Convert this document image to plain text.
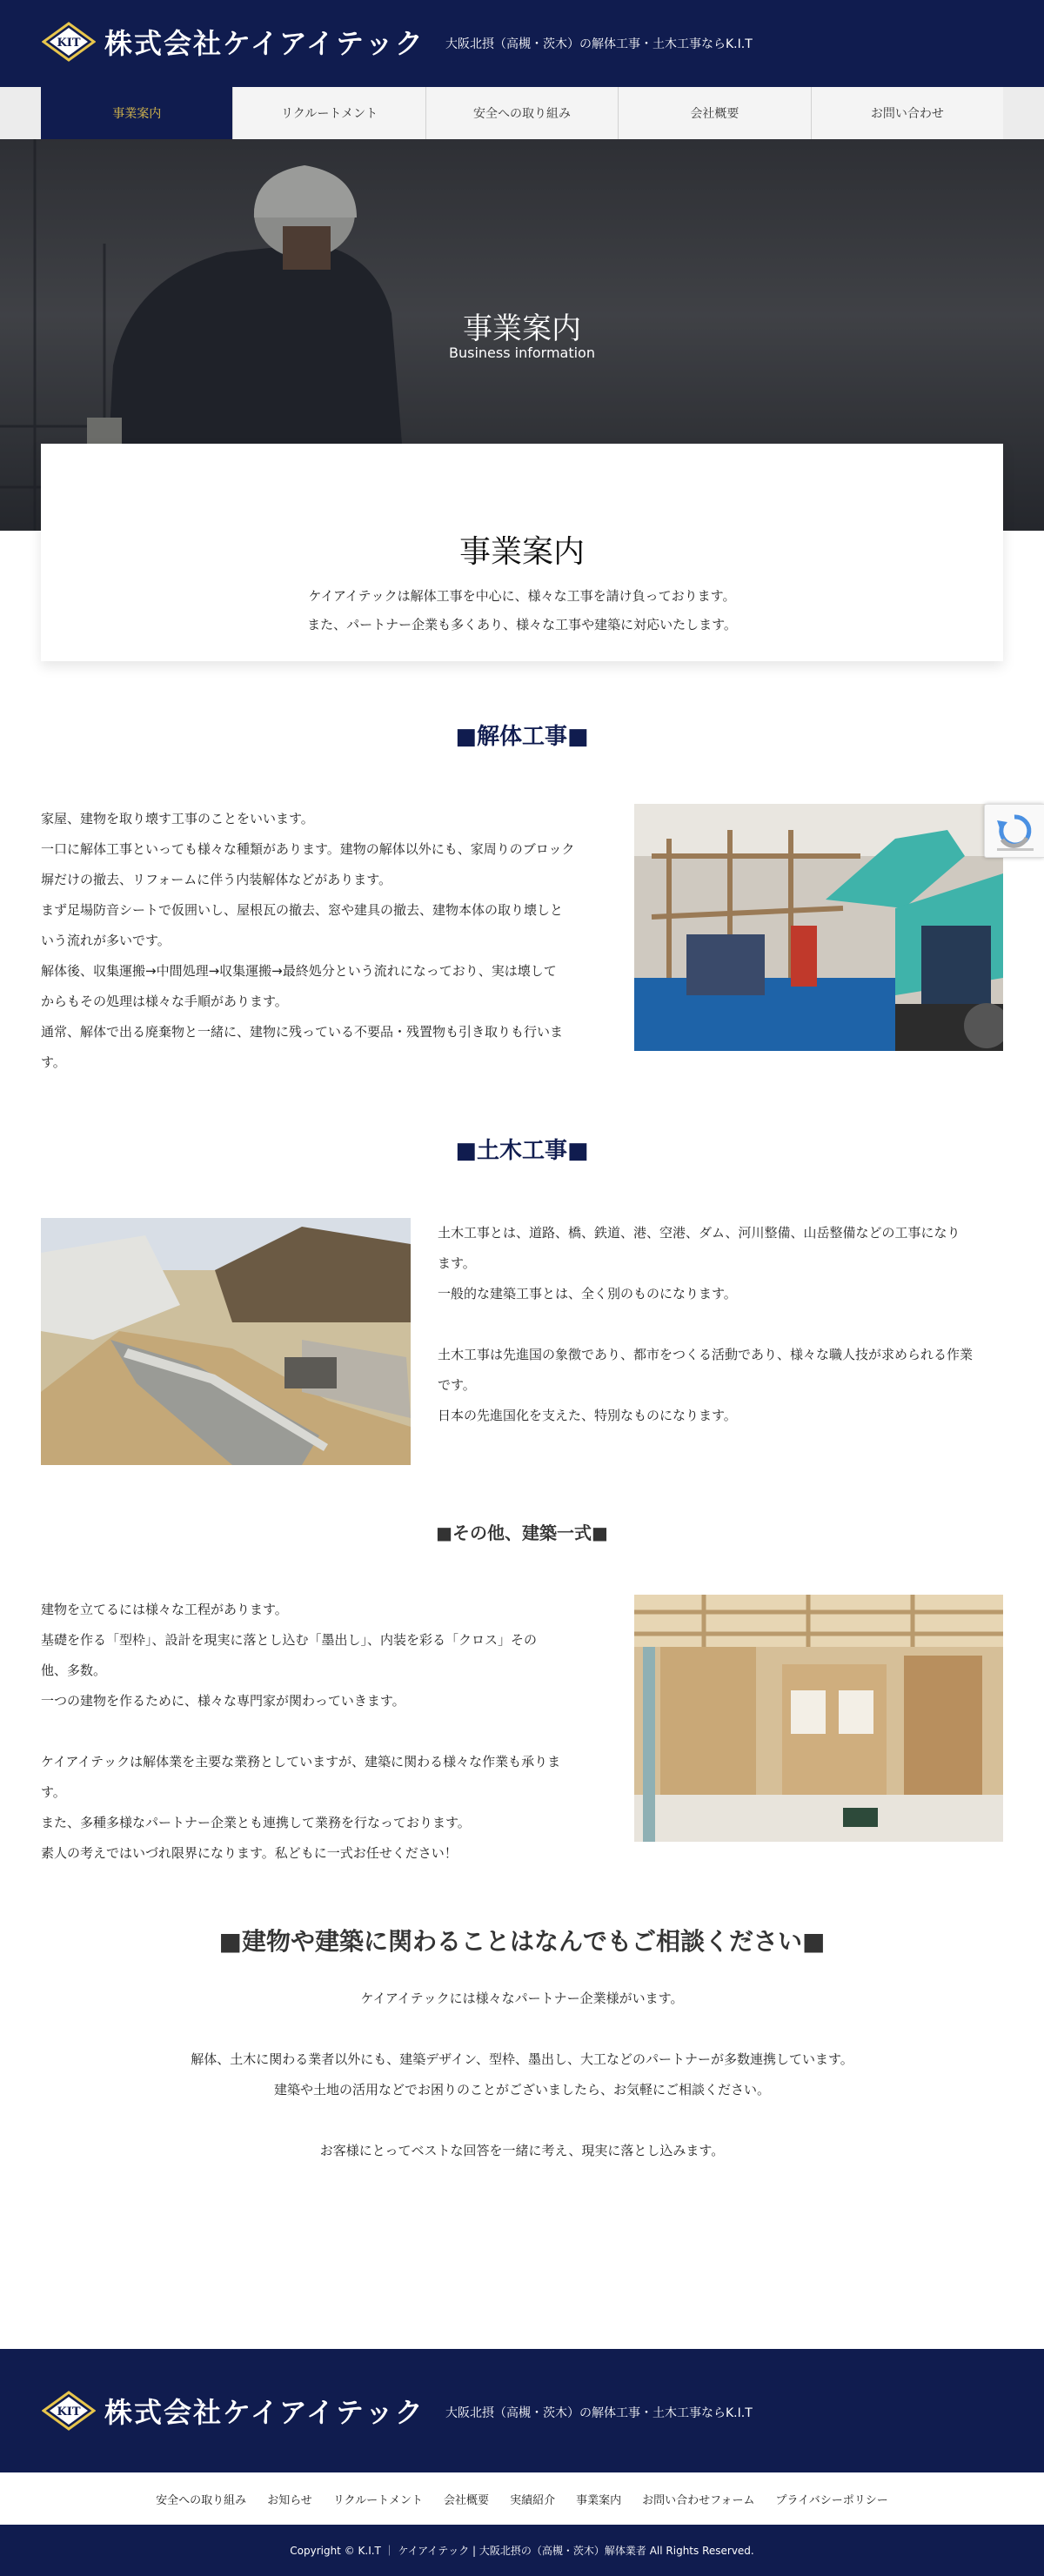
KIT 株式会社ケイアイテック 大阪北摂（高槻・茨木）の解体工事・土木工事ならK.I.T
事業案内	リクルートメント	安全への取り組み	会社概要	お問い合わせ
事業案内
Business information
事業案内
ケイアイテックは解体工事を中心に、様々な工事を請け負っております。
また、パートナー企業も多くあり、様々な工事や建築に対応いたします。
■解体工事■
家屋、建物を取り壊す工事のことをいいます。
一口に解体工事といっても様々な種類があります。建物の解体以外にも、家周りのブロック
塀だけの撤去、リフォームに伴う内装解体などがあります。
まず足場防音シートで仮囲いし、屋根瓦の撤去、窓や建具の撤去、建物本体の取り壊しと
いう流れが多いです。
解体後、収集運搬→中間処理→収集運搬→最終処分という流れになっており、実は壊して
からもその処理は様々な手順があります。
通常、解体で出る廃棄物と一緒に、建物に残っている不要品・残置物も引き取りも行いま
す。
■土木工事■
土木工事とは、道路、橋、鉄道、港、空港、ダム、河川整備、山岳整備などの工事になり
ます。
一般的な建築工事とは、全く別のものになります。
土木工事は先進国の象徴であり、都市をつくる活動であり、様々な職人技が求められる作業
です。
日本の先進国化を支えた、特別なものになります。
■その他、建築一式■
建物を立てるには様々な工程があります。
基礎を作る「型枠」、設計を現実に落とし込む「墨出し」、内装を彩る「クロス」その
他、多数。
一つの建物を作るために、様々な専門家が関わっていきます。
ケイアイテックは解体業を主要な業務としていますが、建築に関わる様々な作業も承りま
す。
また、多種多様なパートナー企業とも連携して業務を行なっております。
素人の考えではいづれ限界になります。私どもに一式お任せください！
■建物や建築に関わることはなんでもご相談ください■
ケイアイテックには様々なパートナー企業様がいます。
解体、土木に関わる業者以外にも、建築デザイン、型枠、墨出し、大工などのパートナーが多数連携しています。
建築や土地の活用などでお困りのことがございましたら、お気軽にご相談ください。
お客様にとってベストな回答を一緒に考え、現実に落とし込みます。
KIT 株式会社ケイアイテック 大阪北摂（高槻・茨木）の解体工事・土木工事ならK.I.T
安全への取り組み お知らせ リクルートメント 会社概要 実績紹介 事業案内 お問い合わせフォーム プライバシーポリシー
Copyright © K.I.T ｜ ケイアイテック | 大阪北摂の（高槻・茨木）解体業者 All Rights Reserved.
